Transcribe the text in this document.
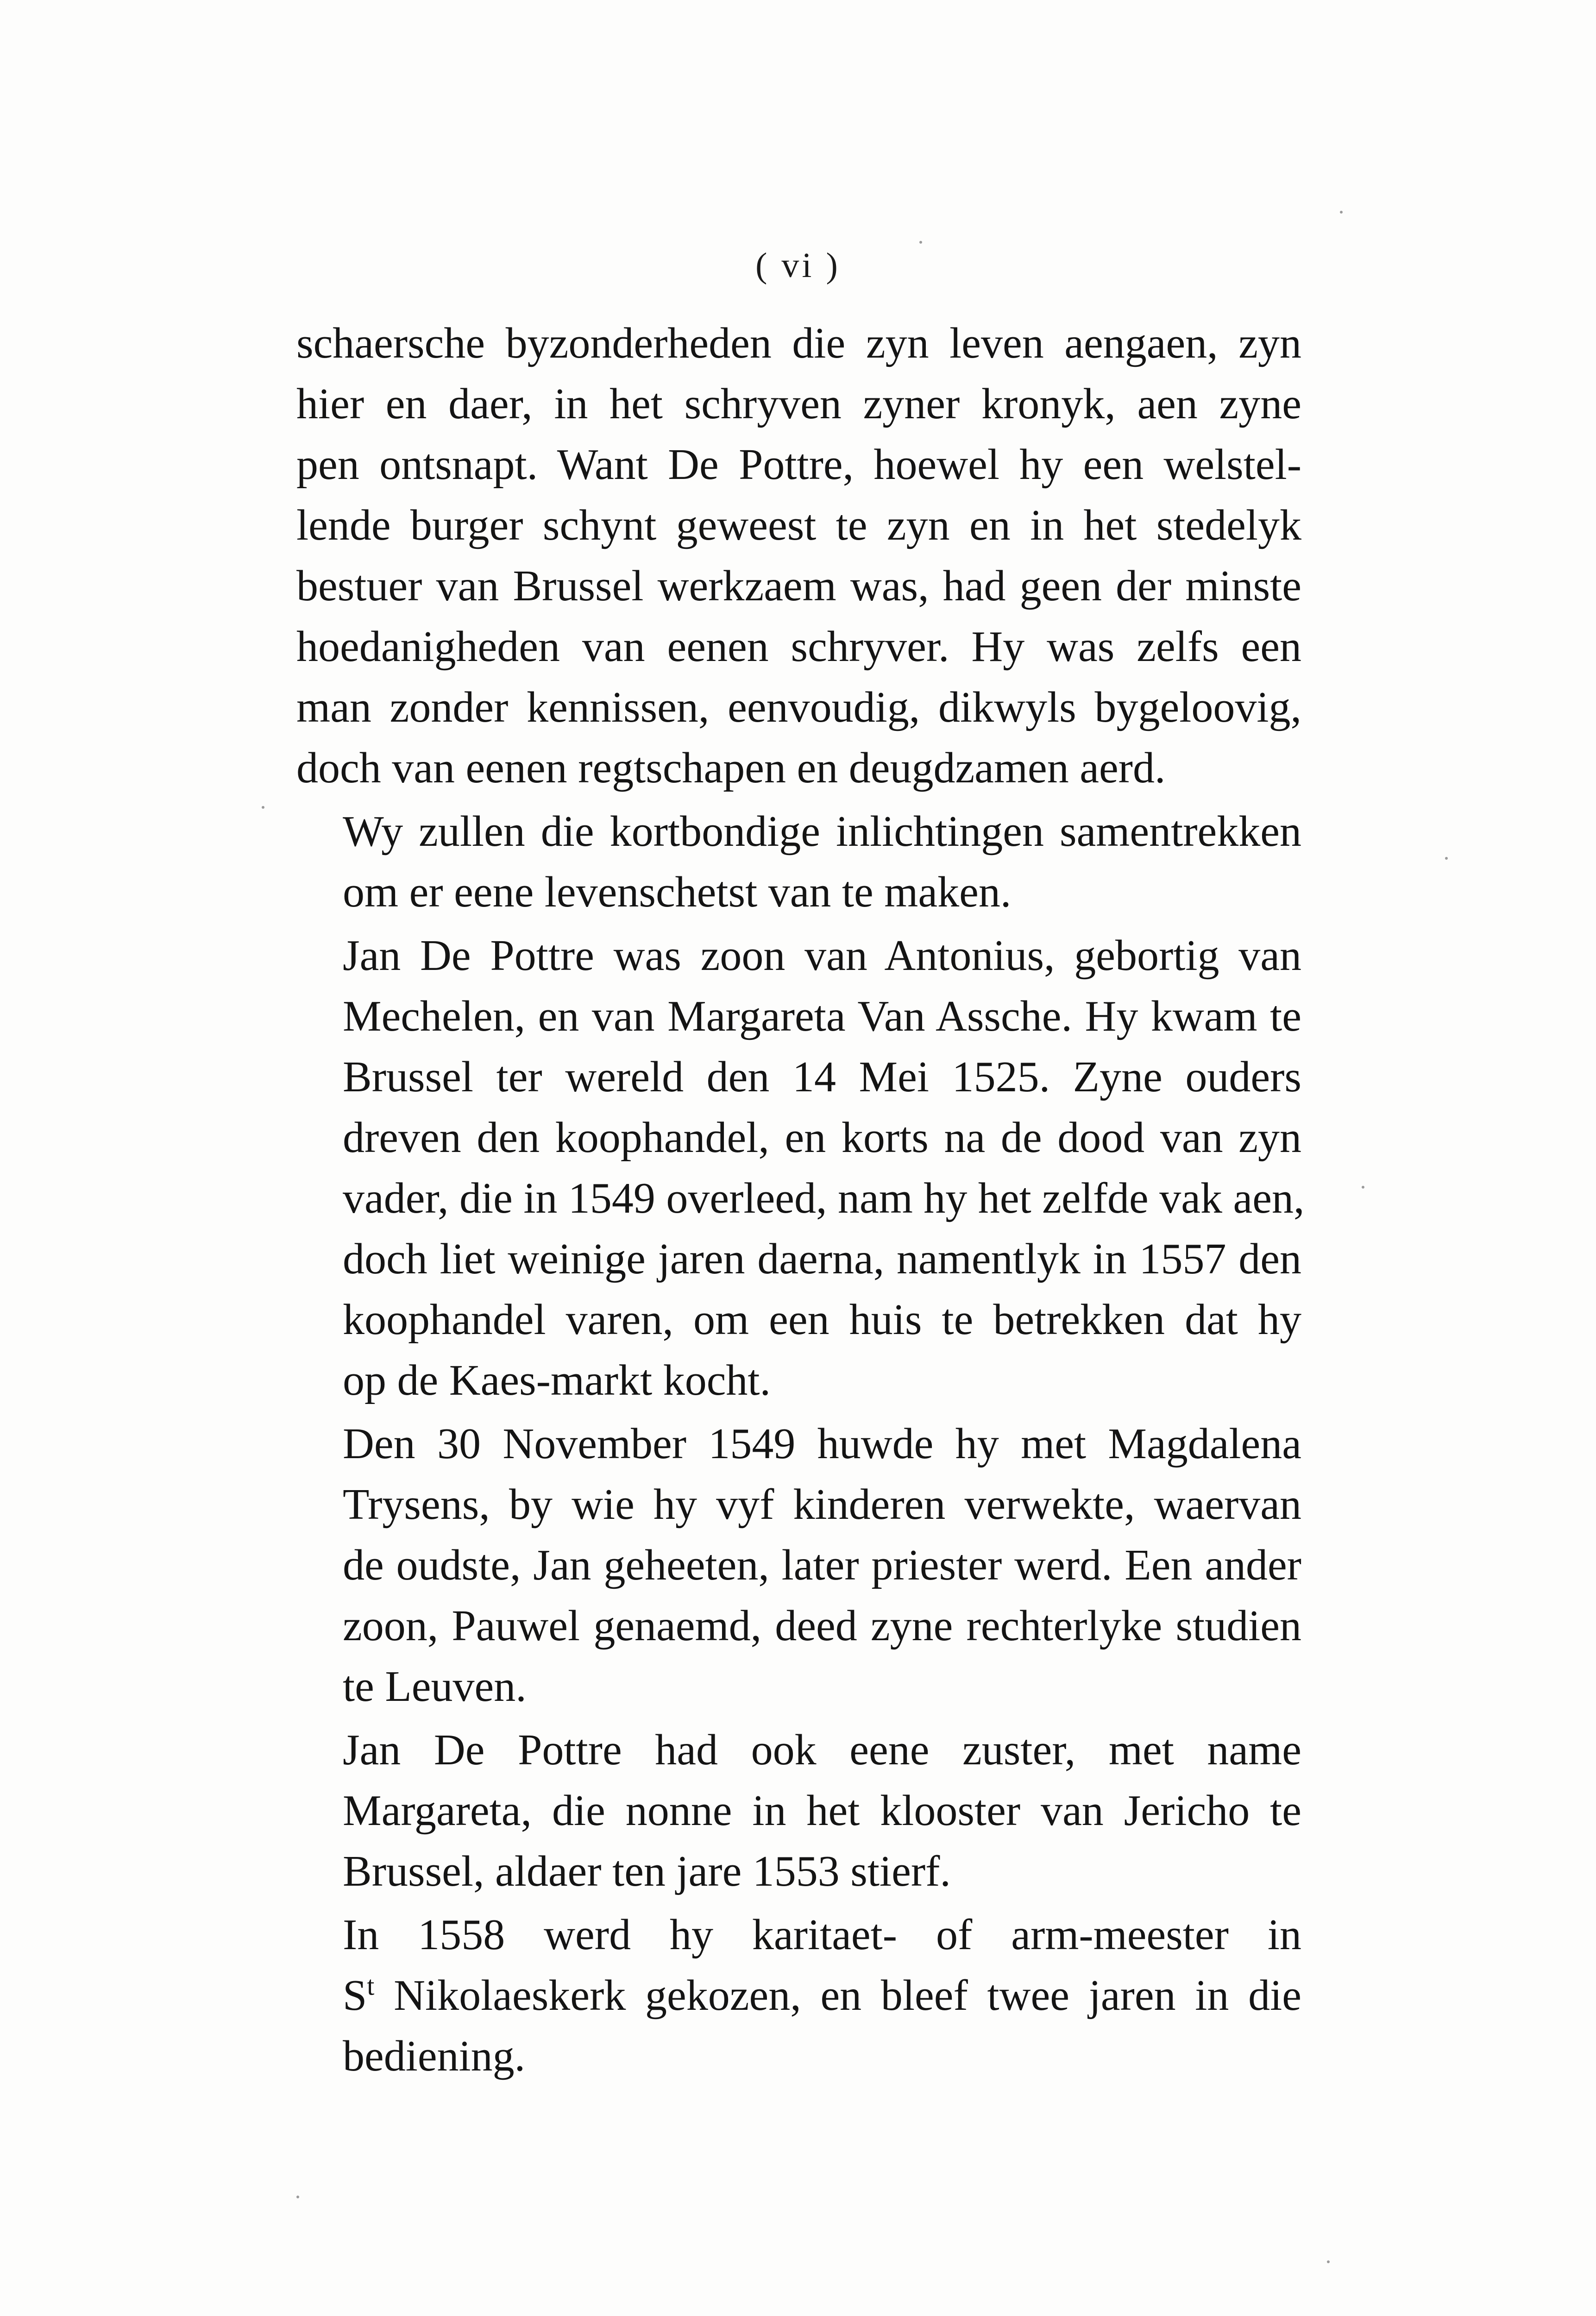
( vi )

schaersche byzonderheden die zyn leven aengaen, zyn
hier en daer, in het schryven zyner kronyk, aen zyne
pen ontsnapt. Want De Pottre, hoewel hy een welstel-
lende burger schynt geweest te zyn en in het stedelyk
bestuer van Brussel werkzaem was, had geen der minste
hoedanigheden van eenen schryver. Hy was zelfs een
man zonder kennissen, eenvoudig, dikwyls bygeloovig,
doch van eenen regtschapen en deugdzamen aerd.

Wy zullen die kortbondige inlichtingen samentrekken
om er eene levenschetst van te maken.

Jan De Pottre was zoon van Antonius, gebortig van
Mechelen, en van Margareta Van Assche. Hy kwam te
Brussel ter wereld den 14 Mei 1525. Zyne ouders
dreven den koophandel, en korts na de dood van zyn
vader, die in 1549 overleed, nam hy het zelfde vak aen,
doch liet weinige jaren daerna, namentlyk in 1557 den
koophandel varen, om een huis te betrekken dat hy
op de Kaes-markt kocht.

Den 30 November 1549 huwde hy met Magdalena
Trysens, by wie hy vyf kinderen verwekte, waervan
de oudste, Jan geheeten, later priester werd. Een ander
zoon, Pauwel genaemd, deed zyne rechterlyke studien
te Leuven.

Jan De Pottre had ook eene zuster, met name
Margareta, die nonne in het klooster van Jericho te
Brussel, aldaer ten jare 1553 stierf.

In 1558 werd hy karitaet- of arm-meester in
$S^t$ Nikolaeskerk gekozen, en bleef twee jaren in die
bediening.
